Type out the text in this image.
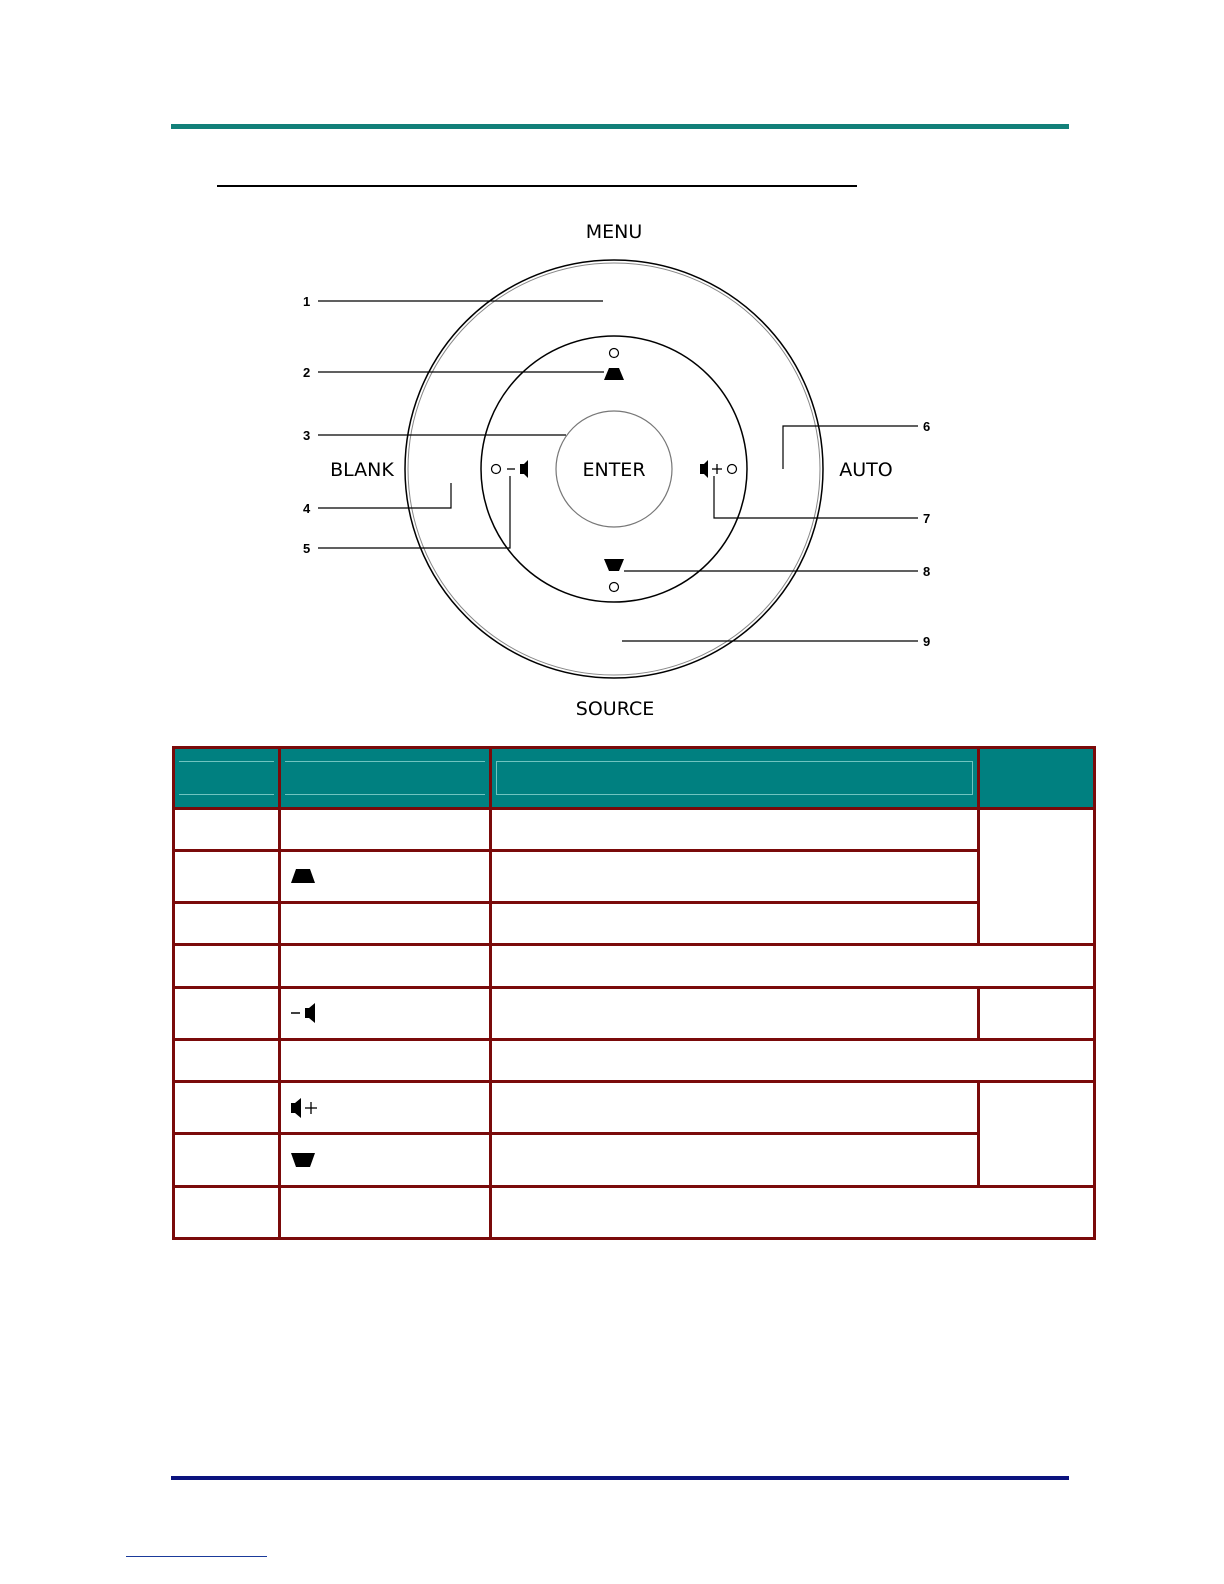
MENU
BLANK	ENTER	AUTO
SOURCE
1
2
3
4
5
6
7
8
9
